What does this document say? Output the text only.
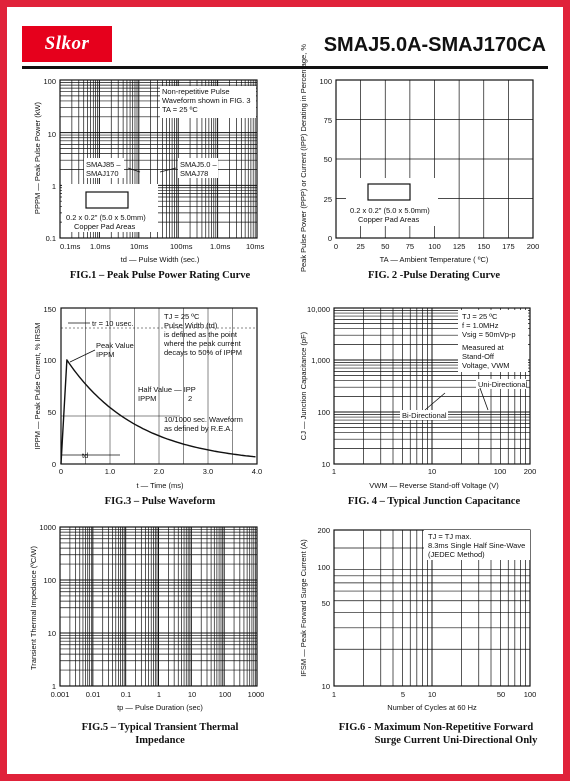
Slkor	SMAJ5.0A-SMAJ170CA
PPPM — Peak Pulse Power (kW)
100
10
1
0.1
0.1ms 1.0ms	10ms	100ms 1.0ms 10ms
td — Pulse Width (sec.)
FIG.1 – Peak Pulse Power Rating Curve
Non-repetitive Pulse
Waveform shown in FIG. 3
TA = 25 ºC
SMAJ85 –
SMAJ170
SMAJ5.0 –
SMAJ78
0.2 x 0.2" (5.0 x 5.0mm)
Copper Pad Areas	Peak Pulse Power (PPP) or Current (IPP) Derating in Percentage, % 100
75
50
25
0
0 25 50 75 100 125 150 175 200
TA — Ambient Temperature ( ºC)
FIG. 2 -Pulse Derating Curve
0.2 x 0.2" (5.0 x 5.0mm)
Copper Pad Areas
IPPM — Peak Pulse Current, % IRSM
150
100
50
0
0	1.0	2.0	3.0	4.0
t — Time (ms)
FIG.3 – Pulse Waveform
tr = 10 usec.
TJ = 25 ºC
Pulse Width (td)
is defined as the point
where the peak current
decays to 50% of IPPM
Peak Value
IPPM
Half Value — IPP
IPPM	2
10/1000 sec. Waveform
as defined by R.E.A.
td
CJ — Junction Capacitance (pF)
10,000
1,000
100
10
1	10	100 200
VWM — Reverse Stand-off Voltage (V)
FIG. 4 – Typical Junction Capacitance
TJ = 25 ºC
f = 1.0MHz
Vsig = 50mVp-p
Measured at
Stand-Off
Voltage, VWM
Uni-Directional
Bi-Directional
Transient Thermal Impedance (ºC/W)
1000
100
10
1
0.001 0.01	0.1	1	10	100 1000
tp — Pulse Duration (sec)
FIG.5 – Typical Transient Thermal
Impedance
IFSM — Peak Forward Surge Current (A)
200
100
50
10
1	5	10	50 100
Number of Cycles at 60 Hz
FIG.6 - Maximum Non-Repetitive Forward
Surge Current Uni-Directional Only
TJ = TJ max.
8.3ms Single Half Sine-Wave
(JEDEC Method)
